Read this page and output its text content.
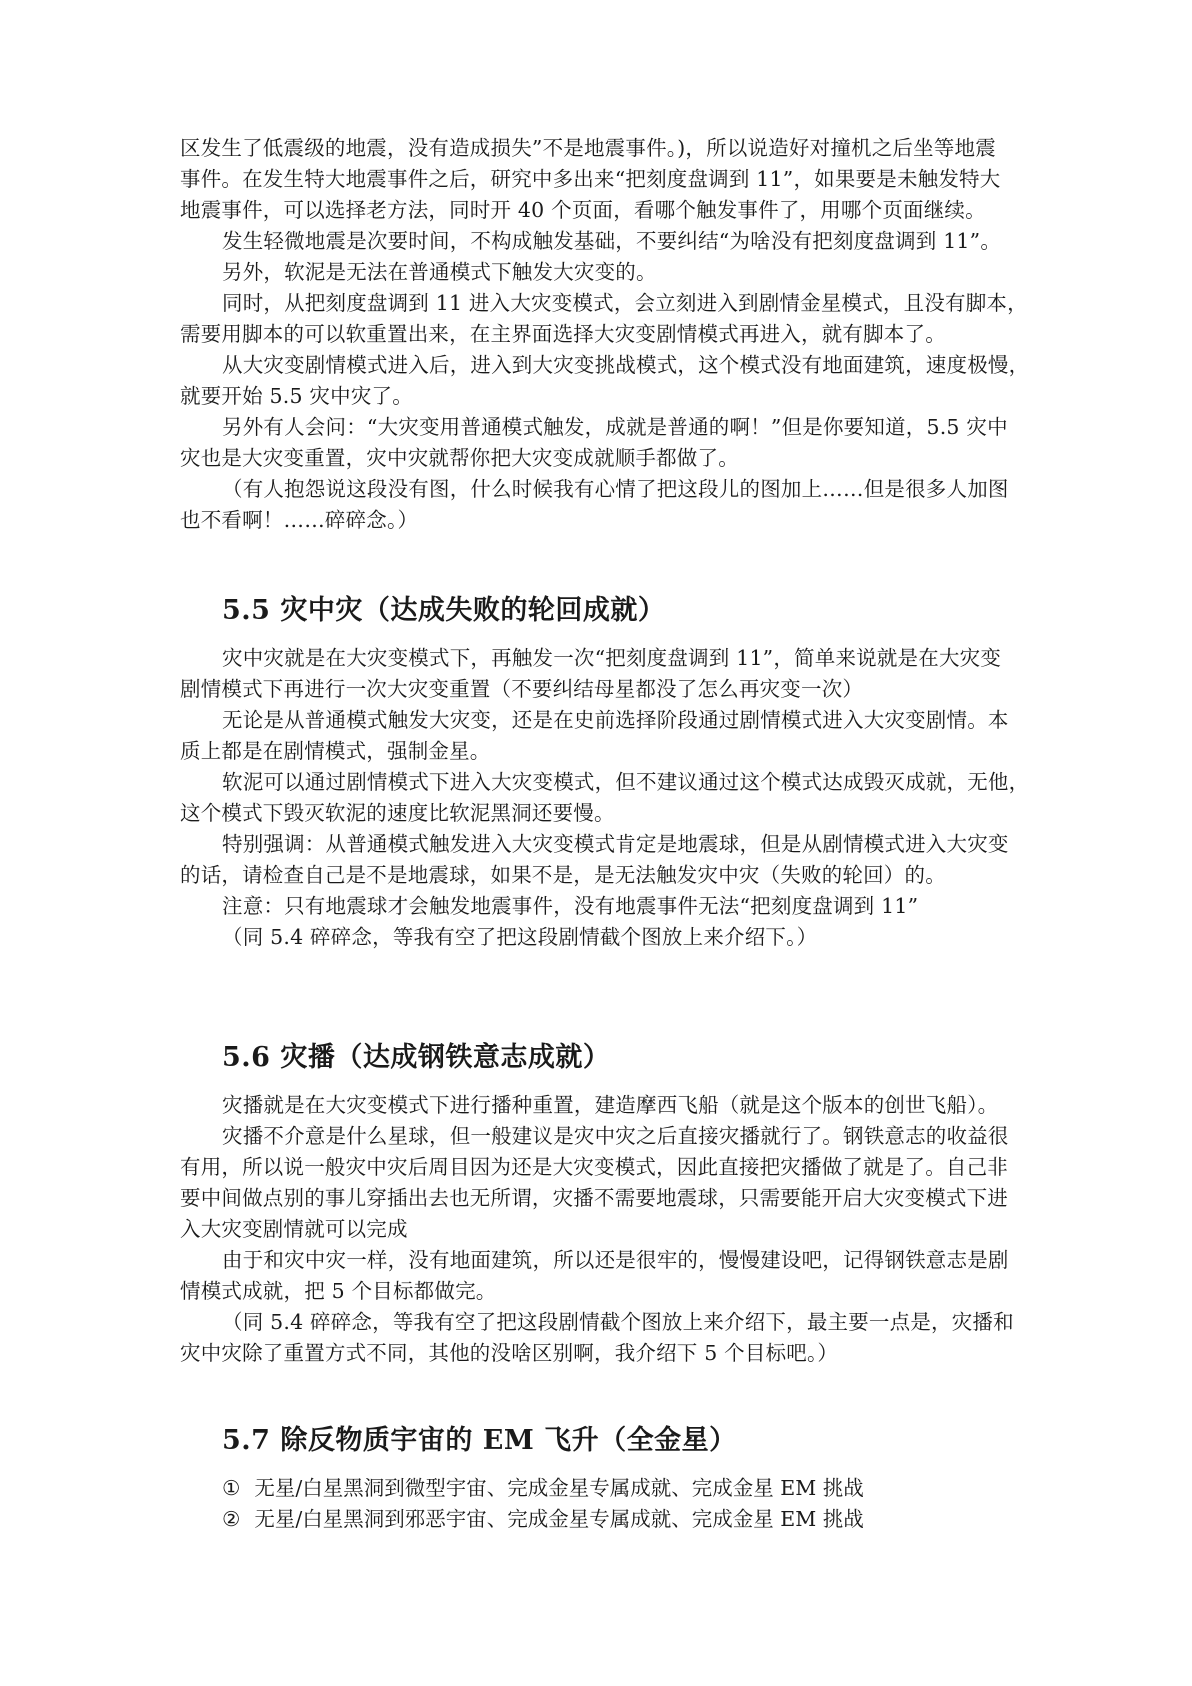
区发生了低震级的地震，没有造成损失”不是地震事件。)，所以说造好对撞机之后坐等地震
事件。在发生特大地震事件之后，研究中多出来“把刻度盘调到 11”，如果要是未触发特大
地震事件，可以选择老方法，同时开 40 个页面，看哪个触发事件了，用哪个页面继续。
发生轻微地震是次要时间，不构成触发基础，不要纠结“为啥没有把刻度盘调到 11”。
另外，软泥是无法在普通模式下触发大灾变的。
同时，从把刻度盘调到 11 进入大灾变模式，会立刻进入到剧情金星模式，且没有脚本，
需要用脚本的可以软重置出来，在主界面选择大灾变剧情模式再进入，就有脚本了。
从大灾变剧情模式进入后，进入到大灾变挑战模式，这个模式没有地面建筑，速度极慢，
就要开始 5.5 灾中灾了。
另外有人会问：“大灾变用普通模式触发，成就是普通的啊！”但是你要知道，5.5 灾中
灾也是大灾变重置，灾中灾就帮你把大灾变成就顺手都做了。
（有人抱怨说这段没有图，什么时候我有心情了把这段儿的图加上……但是很多人加图
也不看啊！……碎碎念。）
5.5 灾中灾（达成失败的轮回成就）
灾中灾就是在大灾变模式下，再触发一次“把刻度盘调到 11”，简单来说就是在大灾变
剧情模式下再进行一次大灾变重置（不要纠结母星都没了怎么再灾变一次）
无论是从普通模式触发大灾变，还是在史前选择阶段通过剧情模式进入大灾变剧情。本
质上都是在剧情模式，强制金星。
软泥可以通过剧情模式下进入大灾变模式，但不建议通过这个模式达成毁灭成就，无他，
这个模式下毁灭软泥的速度比软泥黑洞还要慢。
特别强调：从普通模式触发进入大灾变模式肯定是地震球，但是从剧情模式进入大灾变
的话，请检查自己是不是地震球，如果不是，是无法触发灾中灾（失败的轮回）的。
注意：只有地震球才会触发地震事件，没有地震事件无法“把刻度盘调到 11”
（同 5.4 碎碎念，等我有空了把这段剧情截个图放上来介绍下。）
5.6 灾播（达成钢铁意志成就）
灾播就是在大灾变模式下进行播种重置，建造摩西飞船（就是这个版本的创世飞船）。
灾播不介意是什么星球，但一般建议是灾中灾之后直接灾播就行了。钢铁意志的收益很
有用，所以说一般灾中灾后周目因为还是大灾变模式，因此直接把灾播做了就是了。自己非
要中间做点别的事儿穿插出去也无所谓，灾播不需要地震球，只需要能开启大灾变模式下进
入大灾变剧情就可以完成
由于和灾中灾一样，没有地面建筑，所以还是很牢的，慢慢建设吧，记得钢铁意志是剧
情模式成就，把 5 个目标都做完。
（同 5.4 碎碎念，等我有空了把这段剧情截个图放上来介绍下，最主要一点是，灾播和
灾中灾除了重置方式不同，其他的没啥区别啊，我介绍下 5 个目标吧。）
5.7 除反物质宇宙的 EM 飞升（全金星）
① 无星/白星黑洞到微型宇宙、完成金星专属成就、完成金星 EM 挑战
② 无星/白星黑洞到邪恶宇宙、完成金星专属成就、完成金星 EM 挑战
